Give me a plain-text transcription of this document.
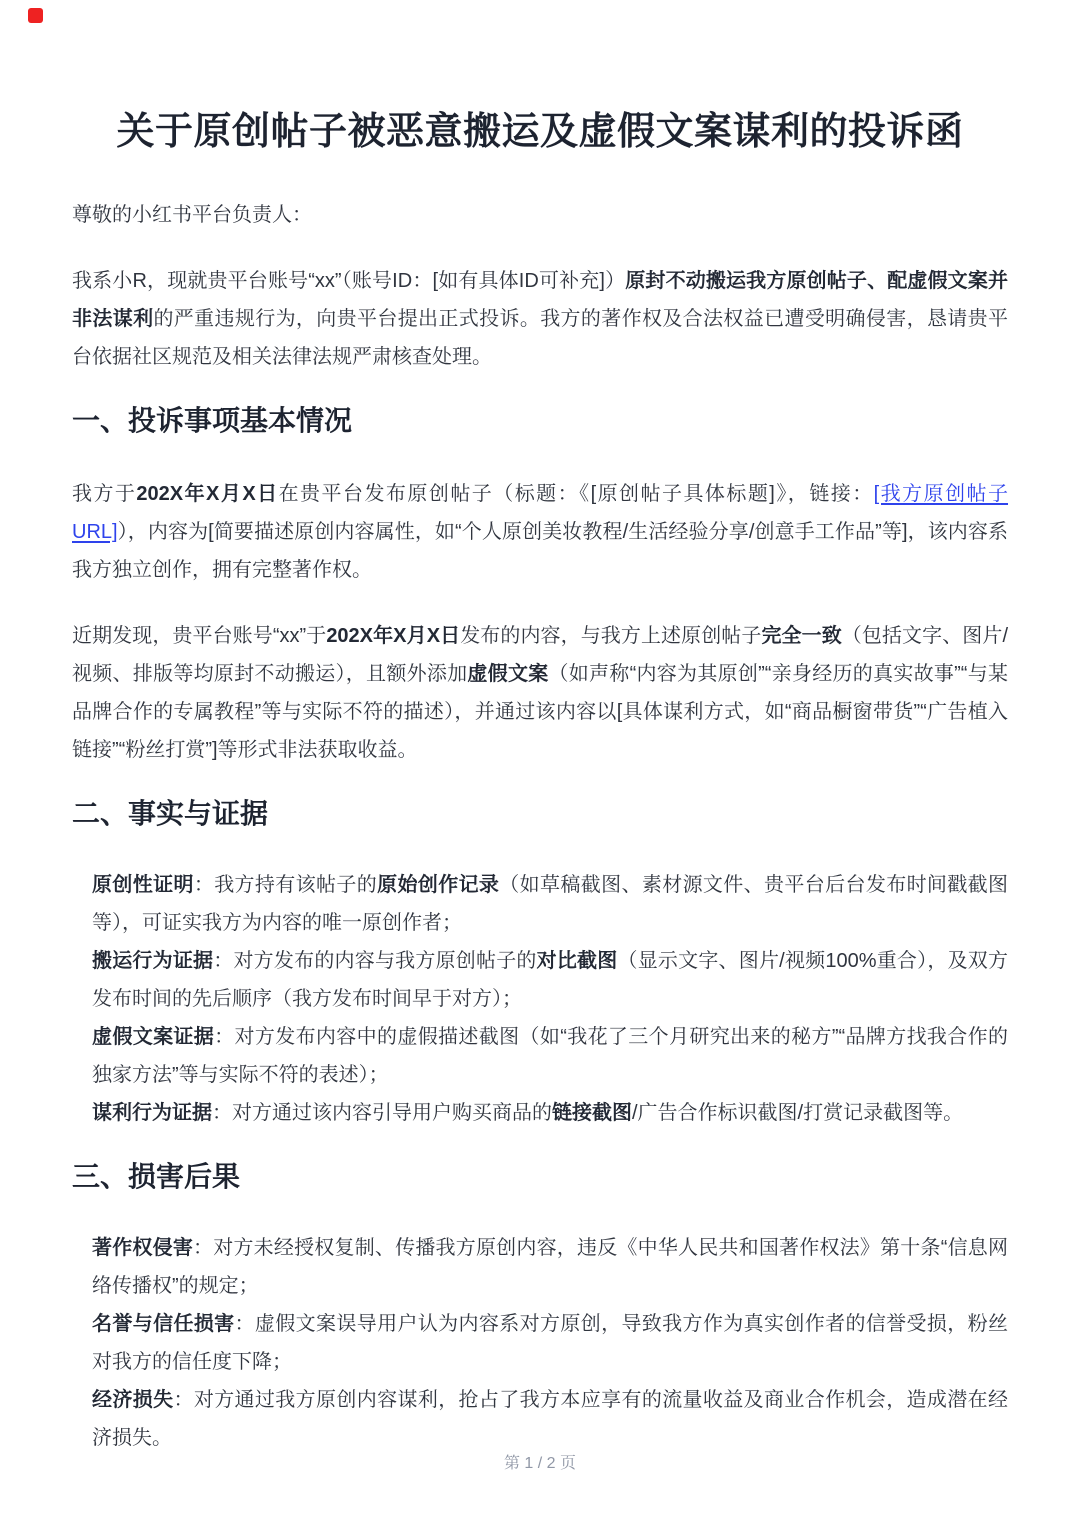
关于原创帖子被恶意搬运及虚假文案谋利的投诉函

尊敬的小红书平台负责人：

我系小R，现就贵平台账号“xx”（账号ID：[如有具体ID可补充]）原封不动搬运我方原创帖子、配虚假文案并非法谋利的严重违规行为，向贵平台提出正式投诉。我方的著作权及合法权益已遭受明确侵害，恳请贵平台依据社区规范及相关法律法规严肃核查处理。

一、投诉事项基本情况

我方于202X年X月X日在贵平台发布原创帖子（标题：《[原创帖子具体标题]》，链接：[我方原创帖子URL]），内容为[简要描述原创内容属性，如“个人原创美妆教程/生活经验分享/创意手工作品”等]，该内容系我方独立创作，拥有完整著作权。

近期发现，贵平台账号“xx”于202X年X月X日发布的内容，与我方上述原创帖子完全一致（包括文字、图片/视频、排版等均原封不动搬运），且额外添加虚假文案（如声称“内容为其原创”“亲身经历的真实故事”“与某品牌合作的专属教程”等与实际不符的描述），并通过该内容以[具体谋利方式，如“商品橱窗带货”“广告植入链接”“粉丝打赏”]等形式非法获取收益。

二、事实与证据

原创性证明：我方持有该帖子的原始创作记录（如草稿截图、素材源文件、贵平台后台发布时间戳截图等），可证实我方为内容的唯一原创作者；

搬运行为证据：对方发布的内容与我方原创帖子的对比截图（显示文字、图片/视频100%重合），及双方发布时间的先后顺序（我方发布时间早于对方）；

虚假文案证据：对方发布内容中的虚假描述截图（如“我花了三个月研究出来的秘方”“品牌方找我合作的独家方法”等与实际不符的表述）；

谋利行为证据：对方通过该内容引导用户购买商品的链接截图/广告合作标识截图/打赏记录截图等。

三、损害后果

著作权侵害：对方未经授权复制、传播我方原创内容，违反《中华人民共和国著作权法》第十条“信息网络传播权”的规定；

名誉与信任损害：虚假文案误导用户认为内容系对方原创，导致我方作为真实创作者的信誉受损，粉丝对我方的信任度下降；

经济损失：对方通过我方原创内容谋利，抢占了我方本应享有的流量收益及商业合作机会，造成潜在经济损失。

第 1 / 2 页
